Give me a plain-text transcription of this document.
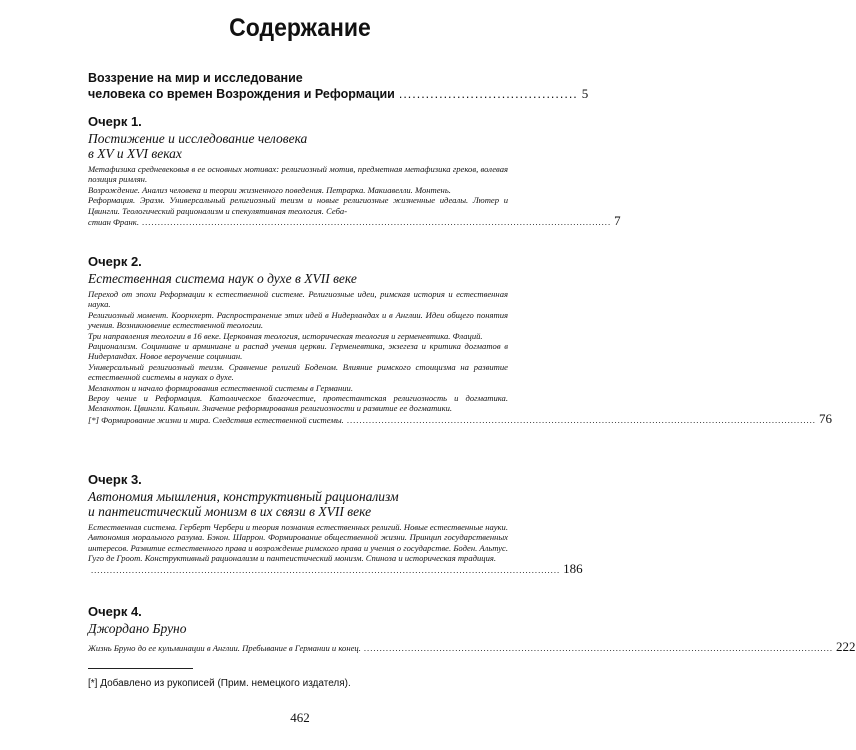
Содержание
Воззрение на мир и исследование
человека со времен Возрождения и Реформации ........................................ 5
Очерк 1.
Постижение и исследование человека
в XV и XVI веках

Метафизика средневековья в ее основных мотивах: религиозный мотив, предметная метафизика греков, волевая позиция римлян.

Возрождение. Анализ человека и теории жизненного поведения. Петрарка. Макиавелли. Монтень.

Реформация. Эразм. Универсальный религиозный теизм и новые религиозные жизненные идеалы. Лютер и Цвингли. Теологический рационализм и спекулятивная теология. Себа-

стиан Франк. ..................................................................................................................................................... 7
Очерк 2.
Естественная система наук о духе в XVII веке

Переход от эпохи Реформации к естественной системе. Религиозные идеи, римская история и естественная наука.

Религиозный момент. Коорнхерт. Распространение этих идей в Нидерландах и в Англии. Идеи общего понятия учения. Возникновение естественной теологии.

Три направления теологии в 16 веке. Церковная теология, историческая теология и герменевтика. Флаций.

Рационализм. Социниане и арминиане и распад учения церкви. Герменевтика, экзегеза и критика догматов в Нидерландах. Новое вероучение социниан.

Универсальный религиозный теизм. Сравнение религий Боденом. Влияние римского стоицизма на развитие естественной системы в науках о духе.

Меланхтон и начало формирования естественной системы в Германии.

Вероу чение и Реформация. Католическое благочестие, протестантская религиозность и догматика. Меланхтон. Цвингли. Кальвин. Значение реформирования религиозности и развитие ее догматики.

[*] Формирование жизни и мира. Следствия естественной системы. ..................................................................................................................................................... 76
Очерк 3.
Автономия мышления, конструктивный рационализм
и пантеистический монизм в их связи в XVII веке

Естественная система. Герберт Чербери и теория познания естественных религий. Новые естественные науки. Автономия морального разума. Бэкон. Шаррон. Формирование общественной жизни. Принцип государственных интересов. Развитие естественного права и возрождение римского права и учения о государстве. Боден. Альтус. Гуго де Гроот. Конструктивный рационализм и пантеистический монизм. Спиноза и историческая традиция.

..................................................................................................................................................... 186
Очерк 4.
Джордано Бруно
Жизнь Бруно до ее кульминации в Англии. Пребывание в Германии и конец. ..................................................................................................................................................... 222
[*] Добавлено из рукописей (Прим. немецкого издателя).
462
